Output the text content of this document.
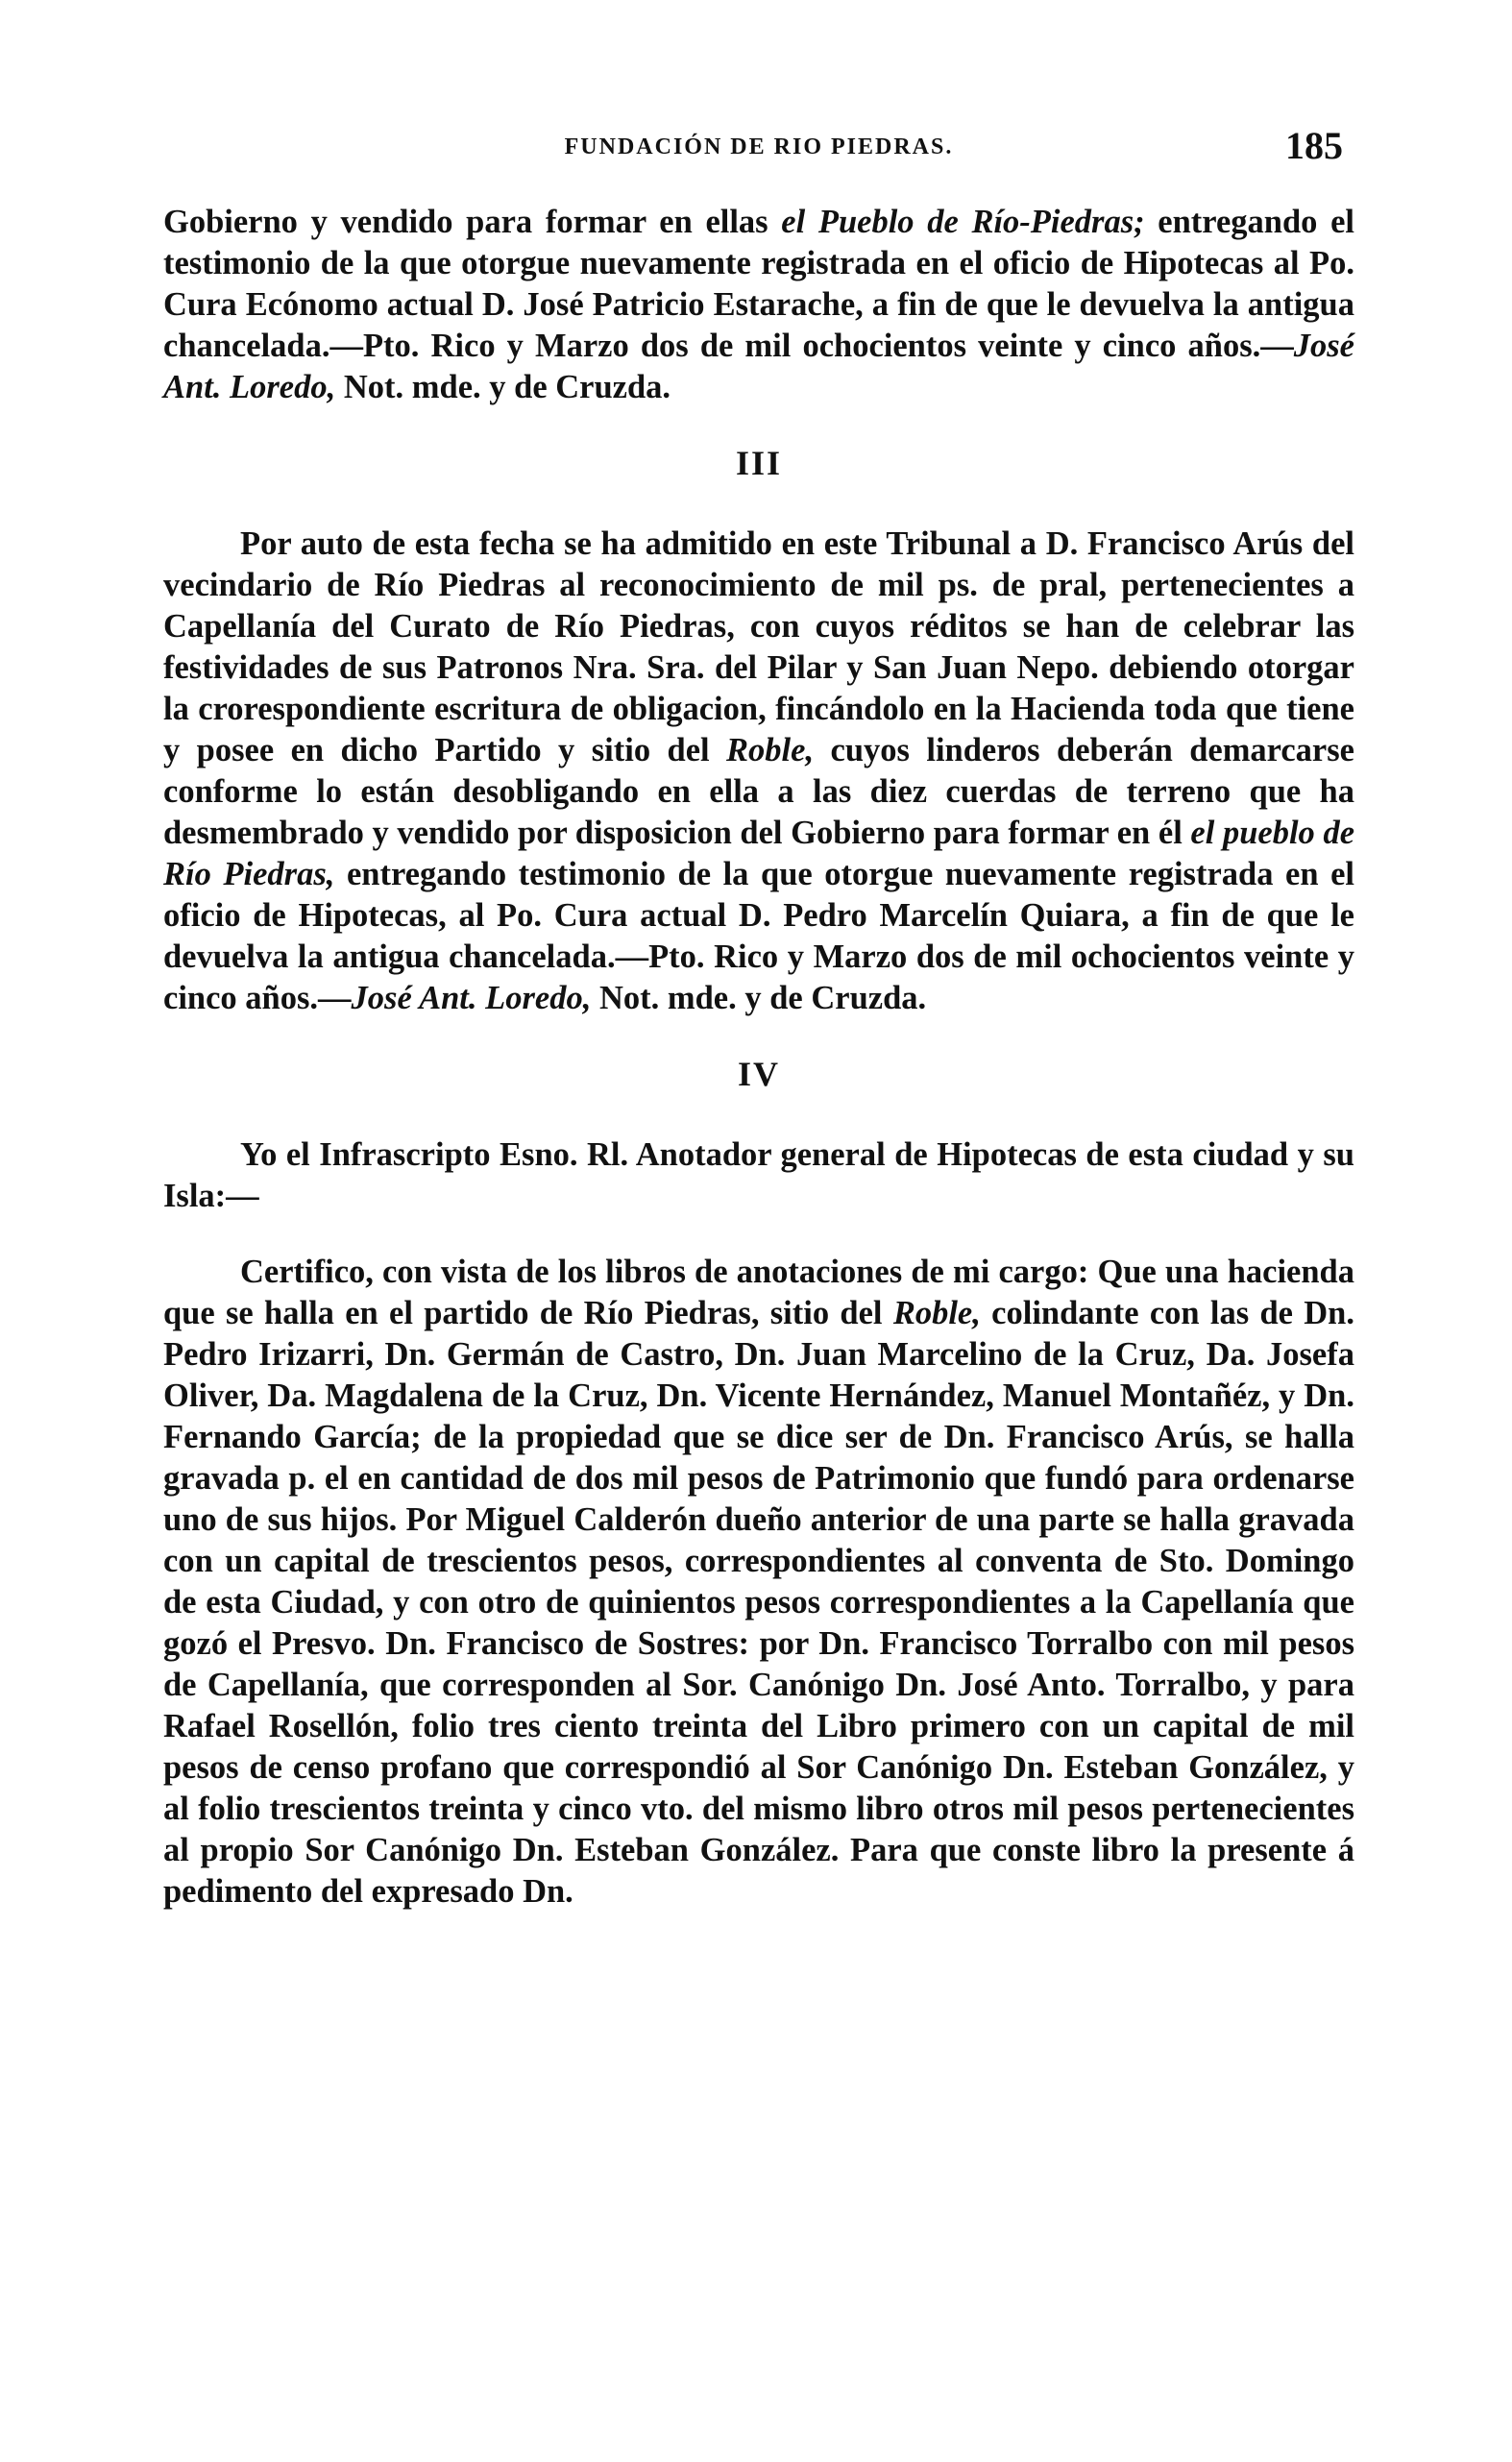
FUNDACIÓN DE RIO PIEDRAS.	185

Gobierno y vendido para formar en ellas el Pueblo de Río-Piedras; entregando el testimonio de la que otorgue nuevamente registrada en el oficio de Hipotecas al Po. Cura Ecónomo actual D. José Patricio Estarache, a fin de que le devuelva la antigua chancelada.—Pto. Rico y Marzo dos de mil ochocientos veinte y cinco años.—José Ant. Loredo, Not. mde. y de Cruzda.

III

Por auto de esta fecha se ha admitido en este Tribunal a D. Francisco Arús del vecindario de Río Piedras al reconocimiento de mil ps. de pral, pertenecientes a Capellanía del Curato de Río Piedras, con cuyos réditos se han de celebrar las festividades de sus Patronos Nra. Sra. del Pilar y San Juan Nepo. debiendo otorgar la crorespondiente escritura de obligacion, fincándolo en la Hacienda toda que tiene y posee en dicho Partido y sitio del Roble, cuyos linderos deberán demarcarse conforme lo están desobligando en ella a las diez cuerdas de terreno que ha desmembrado y vendido por disposicion del Gobierno para formar en él el pueblo de Río Piedras, entregando testimonio de la que otorgue nuevamente registrada en el oficio de Hipotecas, al Po. Cura actual D. Pedro Marcelín Quiara, a fin de que le devuelva la antigua chancelada.—Pto. Rico y Marzo dos de mil ochocientos veinte y cinco años.—José Ant. Loredo, Not. mde. y de Cruzda.

IV

Yo el Infrascripto Esno. Rl. Anotador general de Hipotecas de esta ciudad y su Isla:—

Certifico, con vista de los libros de anotaciones de mi cargo: Que una hacienda que se halla en el partido de Río Piedras, sitio del Roble, colindante con las de Dn. Pedro Irizarri, Dn. Germán de Castro, Dn. Juan Marcelino de la Cruz, Da. Josefa Oliver, Da. Magdalena de la Cruz, Dn. Vicente Hernández, Manuel Montañéz, y Dn. Fernando García; de la propiedad que se dice ser de Dn. Francisco Arús, se halla gravada p. el en cantidad de dos mil pesos de Patrimonio que fundó para ordenarse uno de sus hijos. Por Miguel Calderón dueño anterior de una parte se halla gravada con un capital de trescientos pesos, correspondientes al conventa de Sto. Domingo de esta Ciudad, y con otro de quinientos pesos correspondientes a la Capellanía que gozó el Presvo. Dn. Francisco de Sostres: por Dn. Francisco Torralbo con mil pesos de Capellanía, que corresponden al Sor. Canónigo Dn. José Anto. Torralbo, y para Rafael Rosellón, folio tres ciento treinta del Libro primero con un capital de mil pesos de censo profano que correspondió al Sor Canónigo Dn. Esteban González, y al folio trescientos treinta y cinco vto. del mismo libro otros mil pesos pertenecientes al propio Sor Canónigo Dn. Esteban González. Para que conste libro la presente á pedimento del expresado Dn.
